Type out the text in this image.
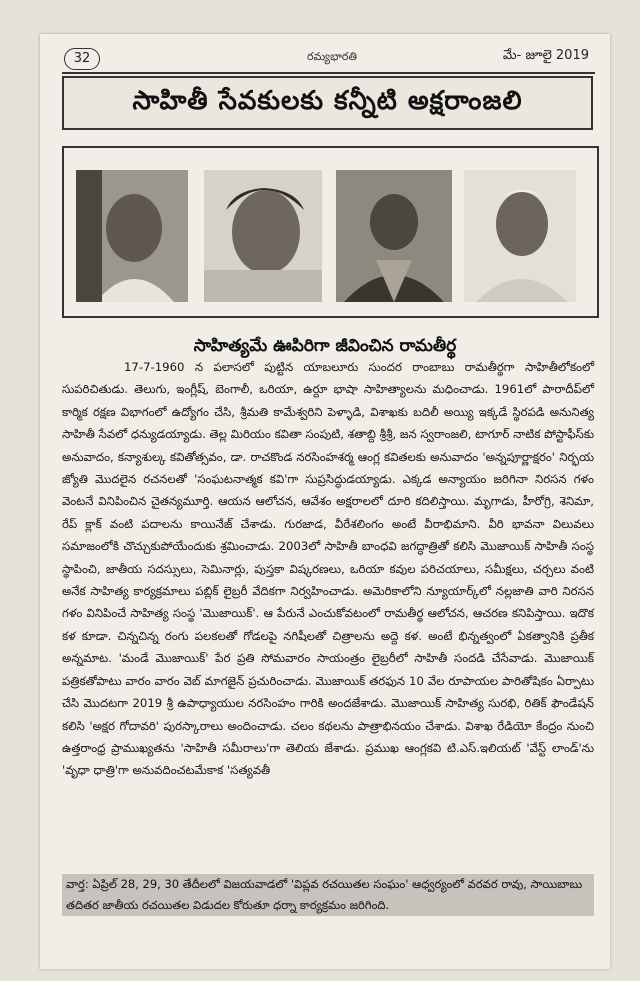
32	రమ్యభారతి	మే- జూలై 2019
సాహితీ సేవకులకు కన్నీటి అక్షరాంజలి
సాహిత్యమే ఊపిరిగా జీవించిన రామతీర్థ

17-7-1960 న పలాసలో పుట్టిన యాబలూరు సుందర రాంబాబు రామతీర్థగా సాహితీలోకంలో సుపరిచితుడు. తెలుగు, ఇంగ్లీష్, బెంగాలీ, ఒరియా, ఉర్దూ భాషా సాహిత్యాలను మధించాడు. 1961లో పారాదీప్‌లో కార్మిక రక్షణ విభాగంలో ఉద్యోగం చేసి, శ్రీమతి కామేశ్వరిని పెళ్ళాడి, విశాఖకు బదిలీ అయ్యి ఇక్కడే స్థిరపడి అనునిత్య సాహితీ సేవలో ధన్యుడయ్యాడు. తెల్ల మిరియం కవితా సంపుటి, శతాబ్ది శ్రీశ్రీ, జన స్వరాంజలి, టాగూర్ నాటిక పోస్టాఫీస్‌కు అనువాదం, కన్యాశుల్క కవితోత్సవం, డా. రాచకొండ నరసింహశర్మ ఆంగ్ల కవితలకు అనువాదం 'అన్నపూర్ణాక్షరం' నిర్భయ జ్యోతి మొదలైన రచనలతో 'సంఘటనాత్మక కవి'గా సుప్రసిద్ధుడయ్యాడు. ఎక్కడ అన్యాయం జరిగినా నిరసన గళం వెంటనే వినిపించిన చైతన్యమూర్తి. ఆయన ఆలోచన, ఆవేశం అక్షరాలలో దూరి కదిలిస్తాయి. మృగాడు, హీరోగ్రి, శెనిమా, రేప్ క్లాక్ వంటి పదాలను కాయినేజ్ చేశాడు. గురజాడ, వీరేశలింగం అంటే వీరాభిమాని. వీరి భావనా విలువలు సమాజంలోకి చొచ్చుకుపోయేందుకు శ్రమించాడు. 2003లో సాహితీ బాంధవి జగద్ధాత్రితో కలిసి మొజాయిక్ సాహితీ సంస్థ స్థాపించి, జాతీయ సదస్సులు, సెమినార్లు, పుస్తకా విష్కరణలు, ఒరియా కవుల పరిచయాలు, సమీక్షలు, చర్చలు వంటి అనేక సాహిత్య కార్యక్రమాలు పబ్లిక్ లైబ్రరీ వేదికగా నిర్వహించాడు. అమెరికాలోని న్యూయార్క్‌లో నల్లజాతి వారి నిరసన గళం వినిపించే సాహిత్య సంస్థ 'మొజాయిక్'. ఆ పేరునే ఎంచుకోవటంలో రామతీర్థ ఆలోచన, ఆచరణ కనిపిస్తాయి. ఇదొక కళ కూడా. చిన్నచిన్న రంగు పలకలతో గోడలపై నగిషీలతో చిత్రాలను అద్దె కళ. అంటే భిన్నత్వంలో ఏకత్వానికి ప్రతీక అన్నమాట. 'మండే మొజాయిక్' పేర ప్రతి సోమవారం సాయంత్రం లైబ్రరీలో సాహితీ సందడి చేసేవాడు. మొజాయిక్ పత్రికతోపాటు వారం వారం వెబ్ మాగజైన్ ప్రచురించాడు. మొజాయిక్ తరఫున 10 వేల రూపాయల పారితోషికం ఏర్పాటు చేసి మొదటగా 2019 శ్రీ ఉపాధ్యాయుల నరసింహం గారికి అందజేశాడు. మొజాయిక్ సాహిత్య సురభి, రితిక్ ఫౌండేషన్ కలిసి 'అక్షర గోదావరి' పురస్కారాలు అందించాడు. చలం కథలను పాత్రాభినయం చేశాడు. విశాఖ రేడియో కేంద్రం నుంచి ఉత్తరాంధ్ర ప్రాముఖ్యతను 'సాహితీ సమీరాలు'గా తెలియ జేశాడు. ప్రముఖ ఆంగ్లకవి టి.ఎస్.ఇలియట్ 'వేస్ట్ లాండ్'ను 'వృధా ధాత్రి'గా అనువదించటమేకాక 'సత్యవతీ

వార్త: ఏప్రిల్ 28, 29, 30 తేదీలలో విజయవాడలో 'విప్లవ రచయితల సంఘం' ఆధ్వర్యంలో వరవర రావు, సాయిబాబు తదితర జాతీయ రచయితల విడుదల కోరుతూ ధర్నా కార్యక్రమం జరిగింది.
